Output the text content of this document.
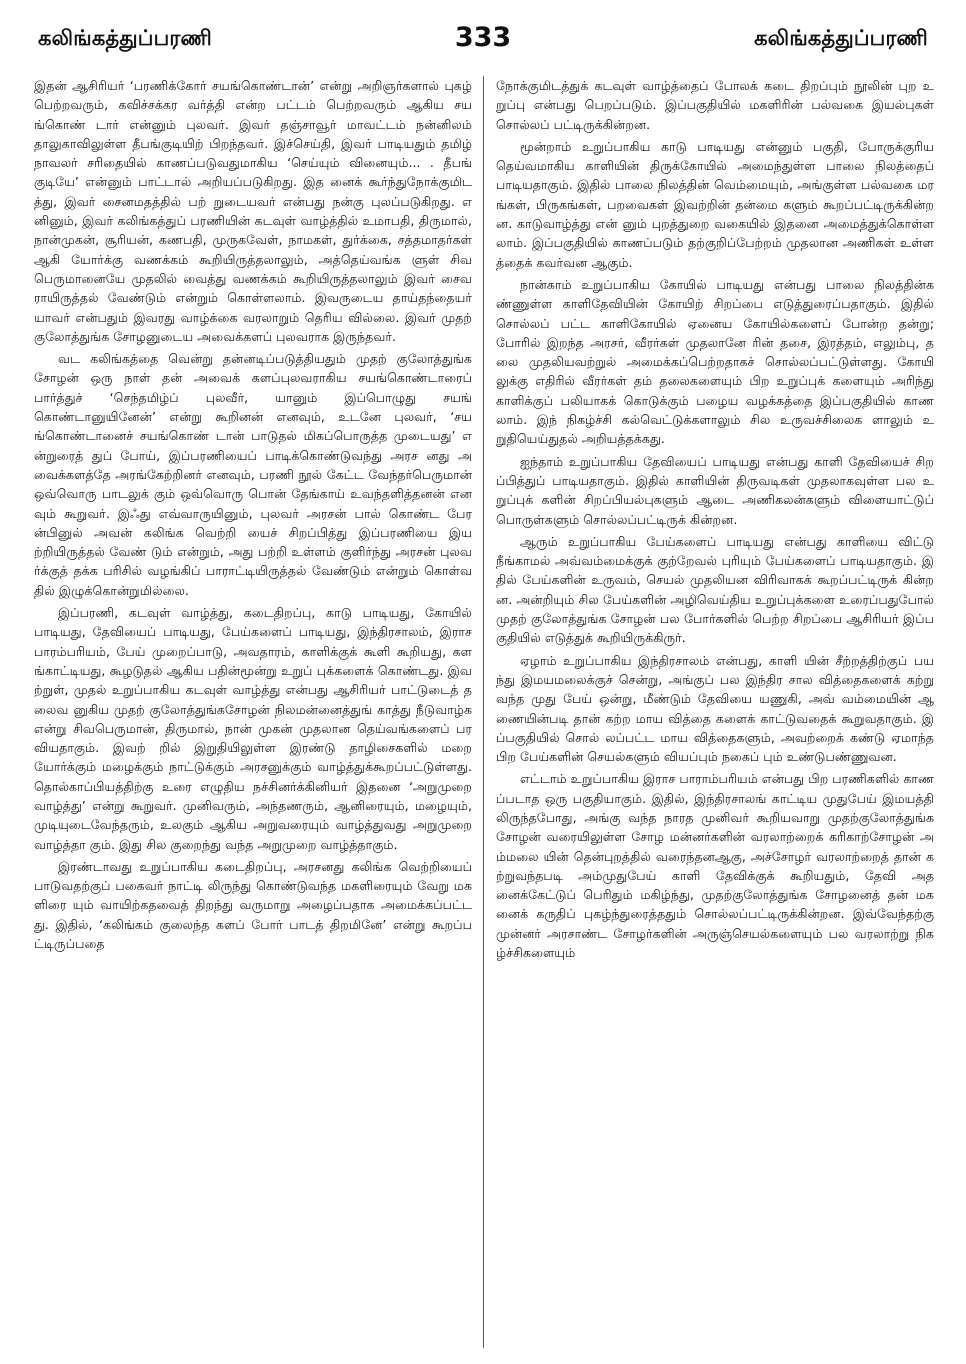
கலிங்கத்துப்பரணி	333	கலிங்கத்துப்பரணி

இதன் ஆசிரியர் ‘பரணிக்கோர் சயங்கொண்டான்’ என்று அறிஞர்களால் புகழ் பெற்றவரும், கவிச்சக்கர வர்த்தி என்ற பட்டம் பெற்றவரும் ஆகிய சயங்கொண் டார் என்னும் புலவர். இவர் தஞ்சாவூர் மாவட்டம் நன்னிலம் தாலுகாவிலுள்ள தீபங்குடியிற் பிறந்தவர். இச்செய்தி, இவர் பாடியதும் தமிழ் நாவலர் சரிதையில் காணப்படுவதுமாகிய ‘செய்யும் வினையும்... . தீபங் குடியே’ என்னும் பாட்டால் அறியப்படுகிறது. இத னைக் கூர்ந்துநோக்குமிடத்து, இவர் சைனமதத்தில் பற் றுடையவர் என்பது நன்கு புலப்படுகிறது. எனினும், இவர் கலிங்கத்துப் பரணியின் கடவுள் வாழ்த்தில் உமாபதி, திருமால், நான்முகன், சூரியன், கணபதி, முருகவேள், நாமகள், துர்க்கை, சத்தமாதர்கள் ஆகி யோர்க்கு வணக்கம் கூறியிருத்தலாலும், அத்தெய்வங்க ளுள் சிவபெருமானையே முதலில் வைத்து வணக்கம் கூறியிருத்தலாலும் இவர் சைவராயிருத்தல் வேண்டும் என்றும் கொள்ளலாம். இவருடைய தாய்தந்தையர் யாவர் என்பதும் இவரது வாழ்க்கை வரலாறும் தெரிய வில்லை. இவர் முதற் குலோத்துங்க சோழனுடைய அவைக்களப் புலவராக இருந்தவர்.

வட கலிங்கத்தை வென்று தன்னடிப்படுத்தியதும் முதற் குலோத்துங்க சோழன் ஒரு நாள் தன் அவைக் களப்புலவராகிய சயங்கொண்டாரைப் பார்த்துச் ‘செந்தமிழ்ப் புலவீர், யானும் இப்பொழுது சயங் கொண்டானுயினேன்’ என்று கூறினன் எனவும், உடனே புலவர், ‘சயங்கொண்டானைச் சயங்கொண் டான் பாடுதல் மிகப்பொருத்த முடையது’ என்றுரைத் துப் போய், இப்பரணியைப் பாடிக்கொண்டுவந்து அரச னது அவைக்களத்தே அரங்கேற்றினர் எனவும், பரணி நூல் கேட்ட வேந்தர்பெருமான் ஒவ்வொரு பாடலுக் கும் ஒவ்வொரு பொன் தேங்காய் உவந்தளித்தனன் என வும் கூறுவர். இஃது எவ்வாருயினும், புலவர் அரசன் பால் கொண்ட பேரன்பினுல் அவன் கலிங்க வெற்றி யைச் சிறப்பித்து இப்பரணியை இயற்றியிருத்தல் வேண் டும் என்றும், அது பற்றி உள்ளம் குளிர்ந்து அரசன் புலவர்க்குத் தக்க பரிசில் வழங்கிப் பாராட்டியிருத்தல் வேண்டும் என்றும் கொள்வதில் இழுக்கொன்றுமில்லை.

இப்பரணி, கடவுள் வாழ்த்து, கடைதிறப்பு, காடு பாடியது, கோயில் பாடியது, தேவியைப் பாடியது, பேய்களைப் பாடியது, இந்திரசாலம், இராசபாரம்பரியம், பேய் முறைப்பாடு, அவதாரம், காளிக்குக் கூளி கூறியது, களங்காட்டியது, கூழடுதல் ஆகிய பதின்மூன்று உறுப் புக்களைக் கொண்டது. இவற்றுள், முதல் உறுப்பாகிய கடவுள் வாழ்த்து என்பது ஆசிரியர் பாட்டுடைத் தலைவ னுகிய முதற் குலோத்துங்கசோழன் நிலமன்னைத்துங் காத்து நீடுவாழ்க என்று சிவபெருமான், திருமால், நான் முகன் முதலான தெய்வங்களைப் பரவியதாகும். இவற் றில் இறுதியிலுள்ள இரண்டு தாழிசைகளில் மறை யோர்க்கும் மழைக்கும் நாட்டுக்கும் அரசனுக்கும் வாழ்த்துக்கூறப்பட்டுள்ளது. தொல்காப்பியத்திற்கு உரை எழுதிய நச்சினர்க்கினியர் இதனை ‘அறுமுறை வாழ்த்து’ என்று கூறுவர். முனிவரும், அந்தணரும், ஆனிரையும், மழையும், முடியுடைவேந்தரும், உலகும் ஆகிய அறுவரையும் வாழ்த்துவது அறுமுறை வாழ்த்தா கும். இது சில குறைந்து வந்த அறுமுறை வாழ்த்தாகும்.

இரண்டாவது உறுப்பாகிய கடைதிறப்பு, அரசனது கலிங்க வெற்றியைப் பாடுவதற்குப் பகைவர் நாட்டி லிருந்து கொண்டுவந்த மகளிரையும் வேறு மகளிரை யும் வாயிற்கதவைத் திறந்து வருமாறு அழைப்பதாக அமைக்கப்பட்டது. இதில், ‘கலிங்கம் குலைந்த களப் போர் பாடத் திறமினே’ என்று கூறப்பட்டிருப்பதை

நோக்குமிடத்துக் கடவுள் வாழ்த்தைப் போலக் கடை திறப்பும் நூலின் புற உறுப்பு என்பது பெறப்படும். இப்பகுதியில் மகளிரின் பல்வகை இயல்புகள் சொல்லப் பட்டிருக்கின்றன.

மூன்றாம் உறுப்பாகிய காடு பாடியது என்னும் பகுதி, போருக்குரிய தெய்வமாகிய காளியின் திருக்கோயில் அமைந்துள்ள பாலை நிலத்தைப் பாடியதாகும். இதில் பாலை நிலத்தின் வெம்மையும், அங்குள்ள பல்வகை மரங்கள், பிருகங்கள், பறவைகள் இவற்றின் தன்மை களும் கூறப்பட்டிருக்கின்றன. காடுவாழ்த்து என் னும் புறத்துறை வகையில் இதனை அமைத்துக்கொள்ள லாம். இப்பகுதியில் காணப்படும் தற்குறிப்பேற்றம் முதலான அணிகள் உள்ளத்தைக் கவர்வன ஆகும்.

நான்காம் உறுப்பாகிய கோயில் பாடியது என்பது பாலை நிலத்தின்கண்ணுள்ள காளிதேவியின் கோயிற் சிறப்பை எடுத்துரைப்பதாகும். இதில் சொல்லப் பட்ட காளிகோயில் ஏனைய கோயில்களைப் போன்ற தன்று; போரில் இறந்த அரசர், வீரர்கள் முதலானே ரின் தசை, இரத்தம், எலும்பு, தலை முதலியவற்றுல் அமைக்கப்பெற்றதாகச் சொல்லப்பட்டுள்ளது. கோயி லுக்கு எதிரில் வீரர்கள் தம் தலைகளையும் பிற உறுப்புக் களையும் அரிந்து காளிக்குப் பலியாகக் கொடுக்கும் பழைய வழக்கத்தை இப்பகுதியில் காணலாம். இந் நிகழ்ச்சி கல்வெட்டுக்களாலும் சில உருவச்சிலைக ளாலும் உறுதியெய்துதல் அறியத்தக்கது.

ஐந்தாம் உறுப்பாகிய தேவியைப் பாடியது என்பது காளி தேவியைச் சிறப்பித்துப் பாடியதாகும். இதில் காளியின் திருவடிகள் முதலாகவுள்ள பல உறுப்புக் களின் சிறப்பியல்புகளும் ஆடை அணிகலன்களும் விளையாட்டுப் பொருள்களும் சொல்லப்பட்டிருக் கின்றன.

ஆரும் உறுப்பாகிய பேய்களைப் பாடியது என்பது காளியை விட்டு நீங்காமல் அவ்வம்மைக்குக் குற்றேவல் புரியும் பேய்களைப் பாடியதாகும். இதில் பேய்களின் உருவம், செயல் முதலியன விரிவாகக் கூறப்பட்டிருக் கின்றன. அன்றியும் சில பேய்களின் அழிவெய்திய உறுப்புக்களை உரைப்பதுபோல் முதற் குலோத்துங்க சோழன் பல போர்களில் பெற்ற சிறப்பை ஆசிரியர் இப்பகுதியில் எடுத்துக் கூறியிருக்கிருர்.

ஏழாம் உறுப்பாகிய இந்திரசாலம் என்பது, காளி யின் சீற்றத்திற்குப் பயந்து இமயமலைக்குச் சென்று, அங்குப் பல இந்திர சால வித்தைகளைக் கற்று வந்த முது பேய் ஒன்று, மீண்டும் தேவியை யணுகி, அவ் வம்மையின் ஆணையின்படி தான் கற்ற மாய வித்தை களைக் காட்டுவதைக் கூறுவதாகும். இப்பகுதியில் சொல் லப்பட்ட மாய வித்தைகளும், அவற்றைக் கண்டு ஏமாந்த பிற பேய்களின் செயல்களும் வியப்பும் நகைப் பும் உண்டுபண்ணுவன.

எட்டாம் உறுப்பாகிய இராச பாராம்பரியம் என்பது பிற பரணிகளில் காணப்படாத ஒரு பகுதியாகும். இதில், இந்திரசாலங் காட்டிய முதுபேய் இமயத்தி லிருந்தபோது, அங்கு வந்த நாரத முனிவர் கூறியவாறு முதற்குலோத்துங்க சோழன் வரையிலுள்ள சோழ மன்னர்களின் வரலாற்றைக் கரிகாற்சோழன் அம்மலை யின் தென்புறத்தில் வரைந்தனஆகு, அச்சோழர் வரலாற்றைத் தான் கற்றுவந்தபடி அம்முதுபேய் காளி தேவிக்குக் கூறியதும், தேவி அதனைக்கேட்டுப் பெரிதும் மகிழ்ந்து, முதற்குலோத்துங்க சோழனைத் தன் மகனைக் கருதிப் புகழ்ந்துரைத்ததும் சொல்லப்பட்டிருக்கின்றன. இவ்வேந்தற்கு முன்னர் அரசாண்ட சோழர்களின் அருஞ்செயல்களையும் பல வரலாற்று நிகழ்ச்சிகளையும்
